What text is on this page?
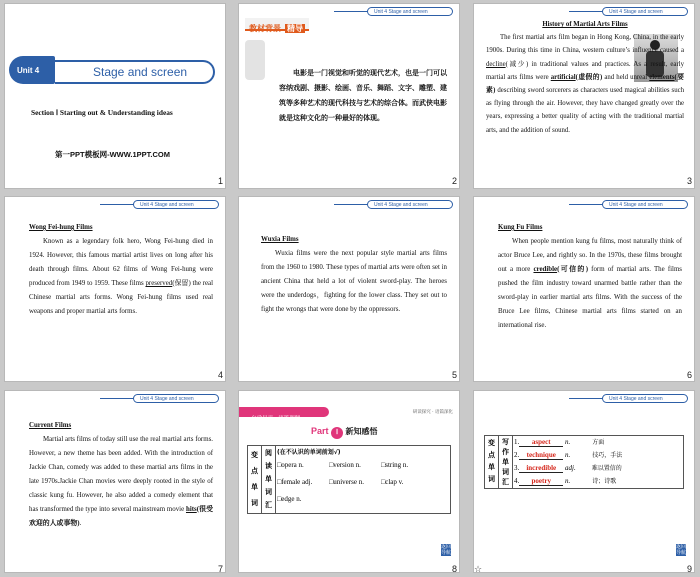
Unit 4	Stage and screen
Section Ⅰ Starting out & Understanding ideas
第一PPT模板网-WWW.1PPT.COM
1
Unit 4 Stage and screen
教材背景 精导

电影是一门视觉和听觉的现代艺术，也是一门可以容纳戏剧、摄影、绘画、音乐、舞蹈、文字、雕塑、建筑等多种艺术的现代科技与艺术的综合体。而武侠电影就是这种文化的一种最好的体现。

2
Unit 4 Stage and screen

History of Martial Arts Films

The first martial arts film began in Hong Kong, China, in the early 1900s. During this time in China, western culture’s influence caused a decline(减少) in traditional values and practices. As a result, early martial arts films were artificial(虚假的) and held unreal elements(要素) describing sword sorcerers as characters used magical abilities such as flying through the air. However, they have changed greatly over the years, expressing a better quality of acting with the traditional martial arts, and the addition of sound.

3
Unit 4 Stage and screen

Wong Fei-hung Films

Known as a legendary folk hero, Wong Fei-hung died in 1924. However, this famous martial artist lives on long after his death through films. About 62 films of Wong Fei-hung were produced from 1949 to 1959. These films preserved(保留) the real Chinese martial arts forms. Wong Fei-hung films used real weapons and proper martial arts forms.

4
Unit 4 Stage and screen

Wuxia Films

Wuxia films were the next popular style martial arts films from the 1960 to 1980. These types of martial arts were often set in ancient China that held a lot of violent sword-play. The heroes were the underdogs，fighting for the lower class. They set out to fight the wrongs that were done by the oppressors.

5
Unit 4 Stage and screen

Kung Fu Films

When people mention kung fu films, most naturally think of actor Bruce Lee, and rightly so. In the 1970s, these films brought out a more credible(可信的) form of martial arts. The films pushed the film industry toward unarmed battle rather than the sword-play in earlier martial arts films. With the success of the Bruce Lee films, Chinese martial arts films started on an international rise.

6
Unit 4 Stage and screen

Current Films

Martial arts films of today still use the real martial arts forms. However, a new theme has been added. With the introduction of Jackie Chan, comedy was added to these martial arts films in the late 1970s.Jackie Chan movies were deeply rooted in the style of classic kung fu. However, he also added a comedy element that has transformed the type into several mainstream movie hits(很受欢迎的人或事物).

7
自学导引 · 语篇理解
研读探究 · 语篇深化
Part Ⅰ 新知感悟
变
点
单
词

阅
读
单
词
汇
	(在不认识的单词前划√)
□opera n.	□version n.	□string n.
□female adj. □universe n. □clap v.
□edge n.
返回导航
8
Unit 4 Stage and screen
变
点
单
词

写
作
单
词
汇
	1. aspect n.	方面
2. technique n.	技巧，手法
3. incredible adj.	难以置信的
4. poetry n.	诗；诗歌
返回导航
9
☆
